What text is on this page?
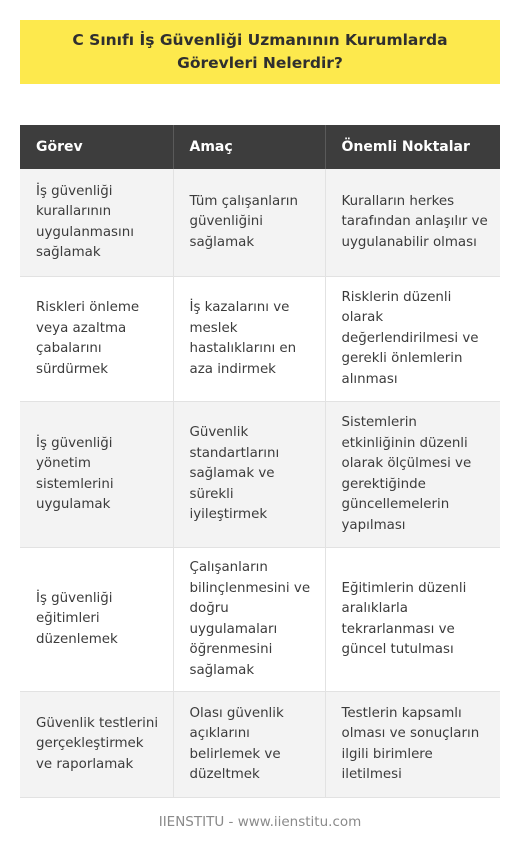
C Sınıfı İş Güvenliği Uzmanının Kurumlarda Görevleri Nelerdir?
Görev	Amaç	Önemli Noktalar
İş güvenliği kurallarının uygulanmasını sağlamak	Tüm çalışanların güvenliğini sağlamak	Kuralların herkes tarafından anlaşılır ve uygulanabilir olması
Riskleri önleme veya azaltma çabalarını sürdürmek	İş kazalarını ve meslek hastalıklarını en aza indirmek	Risklerin düzenli olarak değerlendirilmesi ve gerekli önlemlerin alınması
İş güvenliği yönetim sistemlerini uygulamak	Güvenlik standartlarını sağlamak ve sürekli iyileştirmek	Sistemlerin etkinliğinin düzenli olarak ölçülmesi ve gerektiğinde güncellemelerin yapılması
İş güvenliği eğitimleri düzenlemek	Çalışanların bilinçlenmesini ve doğru uygulamaları öğrenmesini sağlamak	Eğitimlerin düzenli aralıklarla tekrarlanması ve güncel tutulması
Güvenlik testlerini gerçekleştirmek ve raporlamak	Olası güvenlik açıklarını belirlemek ve düzeltmek	Testlerin kapsamlı olması ve sonuçların ilgili birimlere iletilmesi
IIENSTITU - www.iienstitu.com
